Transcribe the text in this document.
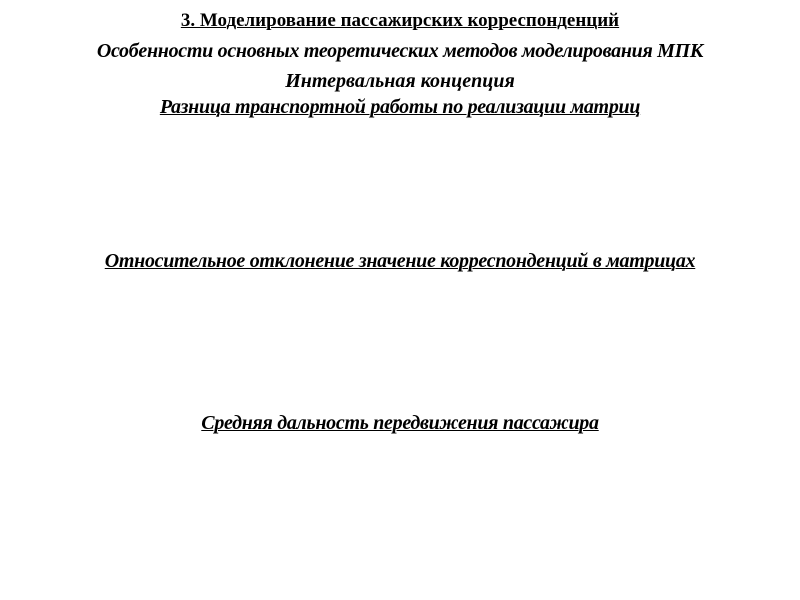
3. Моделирование пассажирских корреспонденций
Особенности основных теоретических методов моделирования МПК
Интервальная концепция
Разница транспортной работы по реализации матриц
Относительное отклонение значение корреспонденций в матрицах
Средняя дальность передвижения пассажира
